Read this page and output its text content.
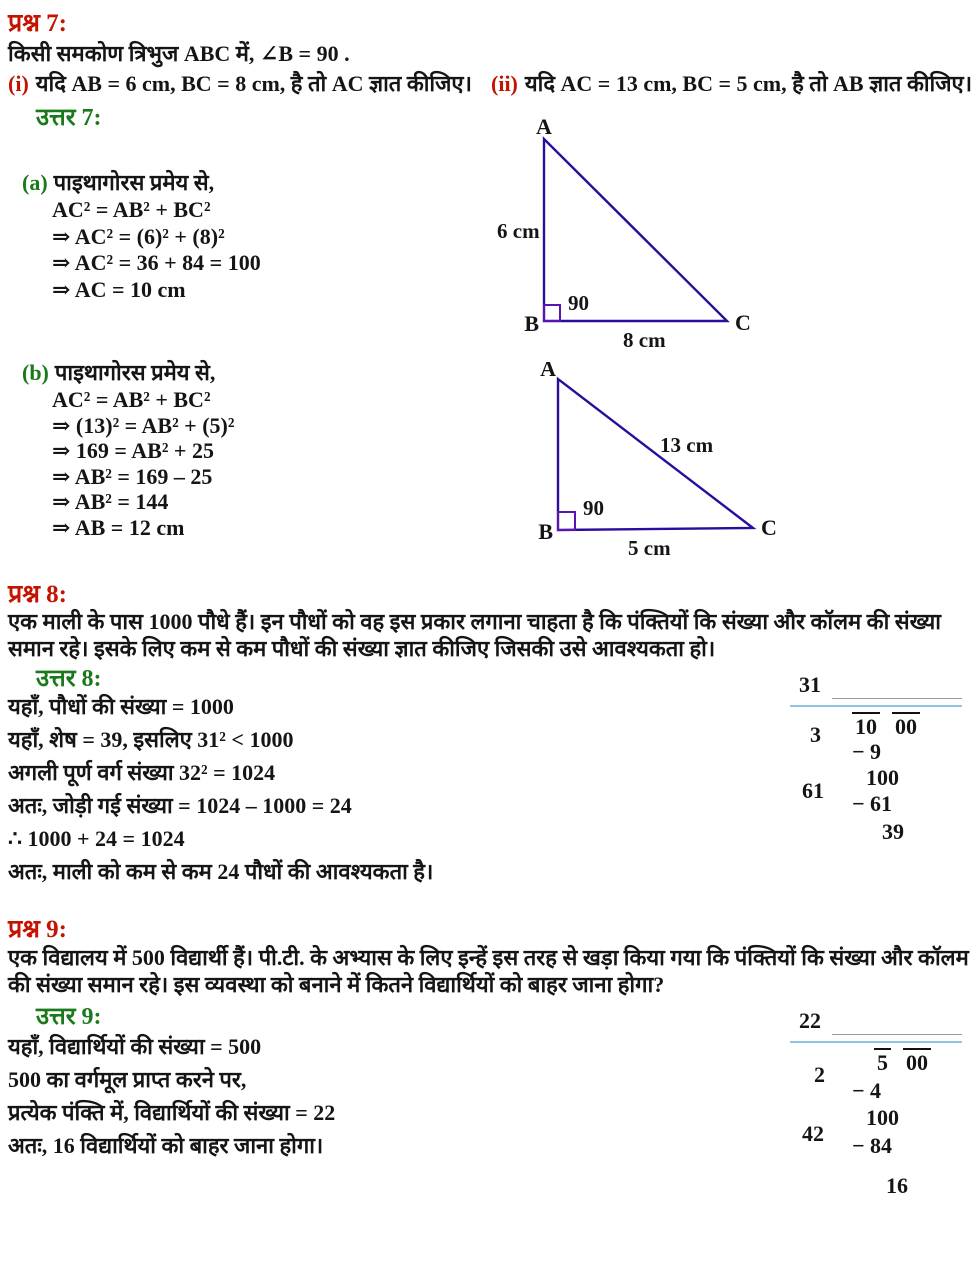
प्रश्न 7:
किसी समकोण त्रिभुज ABC में, ∠B = 90 .
(i) यदि AB = 6 cm, BC = 8 cm, है तो AC ज्ञात कीजिए। (ii) यदि AC = 13 cm, BC = 5 cm, है तो AB ज्ञात कीजिए।
उत्तर 7:	A
B	C
6 cm
90
8 cm
(a) पाइथागोरस प्रमेय से,
AC² = AB² + BC²
⇒ AC² = (6)² + (8)²
⇒ AC² = 36 + 84 = 100
⇒ AC = 10 cm
(b) पाइथागोरस प्रमेय से,
AC² = AB² + BC²
⇒ (13)² = AB² + (5)²
⇒ 169 = AB² + 25
⇒ AB² = 169 – 25
⇒ AB² = 144
⇒ AB = 12 cm
A
B	C
13 cm
90
5 cm
प्रश्न 8:
एक माली के पास 1000 पौधे हैं। इन पौधों को वह इस प्रकार लगाना चाहता है कि पंक्तियों कि संख्या और कॉलम की संख्या समान रहे। इसके लिए कम से कम पौधों की संख्या ज्ञात कीजिए जिसकी उसे आवश्यकता हो।
उत्तर 8:
यहाँ, पौधों की संख्या = 1000
यहाँ, शेष = 39, इसलिए 31² < 1000
अगली पूर्ण वर्ग संख्या 32² = 1024
अतः, जोड़ी गई संख्या = 1024 – 1000 = 24
∴ 1000 + 24 = 1024
अतः, माली को कम से कम 24 पौधों की आवश्यकता है।
31
10 00
3
− 9
100
61
− 61
39
प्रश्न 9:
एक विद्यालय में 500 विद्यार्थी हैं। पी.टी. के अभ्यास के लिए इन्हें इस तरह से खड़ा किया गया कि पंक्तियों कि संख्या और कॉलम की संख्या समान रहे। इस व्यवस्था को बनाने में कितने विद्यार्थियों को बाहर जाना होगा?
उत्तर 9:
यहाँ, विद्यार्थियों की संख्या = 500
500 का वर्गमूल प्राप्त करने पर,
प्रत्येक पंक्ति में, विद्यार्थियों की संख्या = 22
अतः, 16 विद्यार्थियों को बाहर जाना होगा।
22
5 00
2
− 4
100
42 − 84
16
